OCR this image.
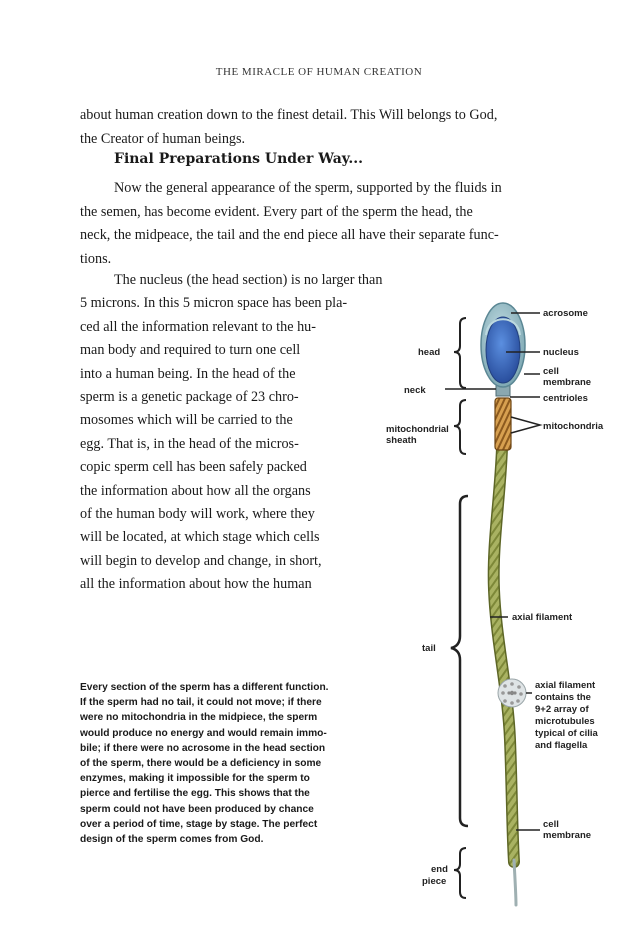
THE MIRACLE OF HUMAN CREATION
about human creation down to the finest detail. This Will belongs to God,
the Creator of human beings.
Final Preparations Under Way...
Now the general appearance of the sperm, supported by the fluids in
the semen, has become evident. Every part of the sperm the head, the
neck, the midpeace, the tail and the end piece all have their separate func-
tions.
The nucleus (the head section) is no larger than
5 microns. In this 5 micron space has been pla-
ced all the information relevant to the hu-
man body and required to turn one cell
into a human being. In the head of the
sperm is a genetic package of 23 chro-
mosomes which will be carried to the
egg. That is, in the head of the micros-
copic sperm cell has been safely packed
the information about how all the organs
of the human body will work, where they
will be located, at which stage which cells
will begin to develop and change, in short,
all the information about how the human
Every section of the sperm has a different function.
If the sperm had no tail, it could not move; if there
were no mitochondria in the midpiece, the sperm
would produce no energy and would remain immo-
bile; if there were no acrosome in the head section
of the sperm, there would be a deficiency in some
enzymes, making it impossible for the sperm to
pierce and fertilise the egg. This shows that the
sperm could not have been produced by chance
over a period of time, stage by stage. The perfect
design of the sperm comes from God.
acrosome
head	nucleus
cell
membrane
neck
centrioles
mitochondrial
sheath
mitochondria
axial filament
tail
axial filament
contains the
9+2 array of
microtubules
typical of cilia
and flagella
cell
membrane
end
piece
